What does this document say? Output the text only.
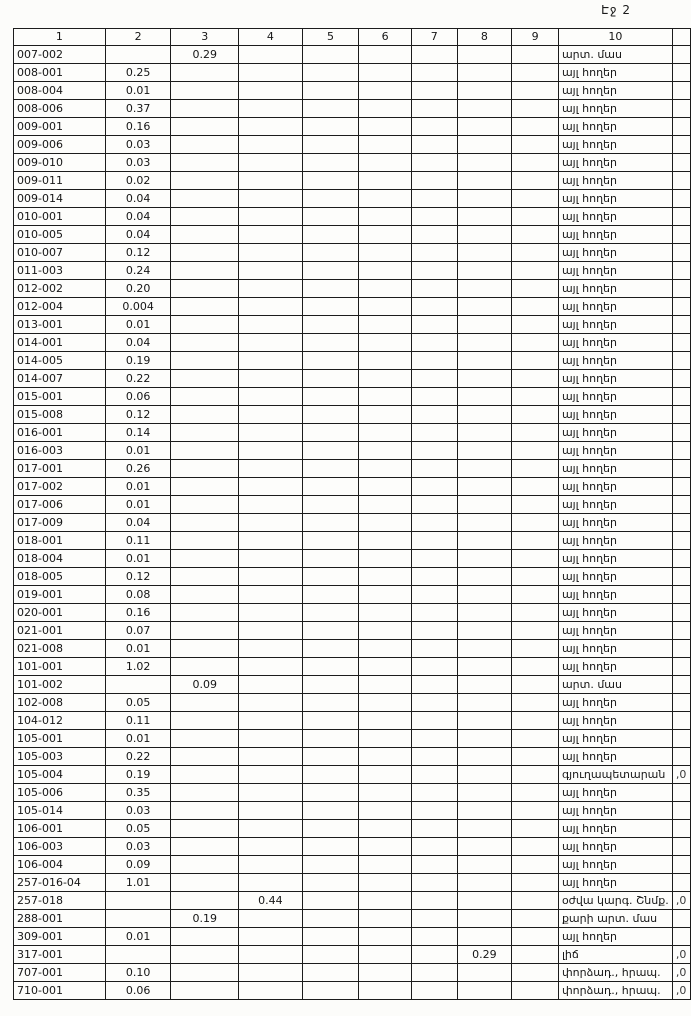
Էջ 2
1	2	3	4	5	6	7	8	9	10	
007-002		0.29							արտ. մաս	
008-001	0.25								այլ հողեր	
008-004	0.01								այլ հողեր	
008-006	0.37								այլ հողեր	
009-001	0.16								այլ հողեր	
009-006	0.03								այլ հողեր	
009-010	0.03								այլ հողեր	
009-011	0.02								այլ հողեր	
009-014	0.04								այլ հողեր	
010-001	0.04								այլ հողեր	
010-005	0.04								այլ հողեր	
010-007	0.12								այլ հողեր	
011-003	0.24								այլ հողեր	
012-002	0.20								այլ հողեր	
012-004	0.004								այլ հողեր	
013-001	0.01								այլ հողեր	
014-001	0.04								այլ հողեր	
014-005	0.19								այլ հողեր	
014-007	0.22								այլ հողեր	
015-001	0.06								այլ հողեր	
015-008	0.12								այլ հողեր	
016-001	0.14								այլ հողեր	
016-003	0.01								այլ հողեր	
017-001	0.26								այլ հողեր	
017-002	0.01								այլ հողեր	
017-006	0.01								այլ հողեր	
017-009	0.04								այլ հողեր	
018-001	0.11								այլ հողեր	
018-004	0.01								այլ հողեր	
018-005	0.12								այլ հողեր	
019-001	0.08								այլ հողեր	
020-001	0.16								այլ հողեր	
021-001	0.07								այլ հողեր	
021-008	0.01								այլ հողեր	
101-001	1.02								այլ հողեր	
101-002		0.09							արտ. մաս	
102-008	0.05								այլ հողեր	
104-012	0.11								այլ հողեր	
105-001	0.01								այլ հողեր	
105-003	0.22								այլ հողեր	
105-004	0.19								գյուղապետարան	,0
105-006	0.35								այլ հողեր	
105-014	0.03								այլ հողեր	
106-001	0.05								այլ հողեր	
106-003	0.03								այլ հողեր	
106-004	0.09								այլ հողեր	
257-016-04	1.01								այլ հողեր	
257-018			0.44						օժվա կարգ. Շնմք.	,0
288-001		0.19							քարի արտ. մաս	
309-001	0.01								այլ հողեր	
317-001							0.29		լիճ	,0
707-001	0.10								փորձադ., հրապ.	,0
710-001	0.06								փորձադ., հրապ.	,0
